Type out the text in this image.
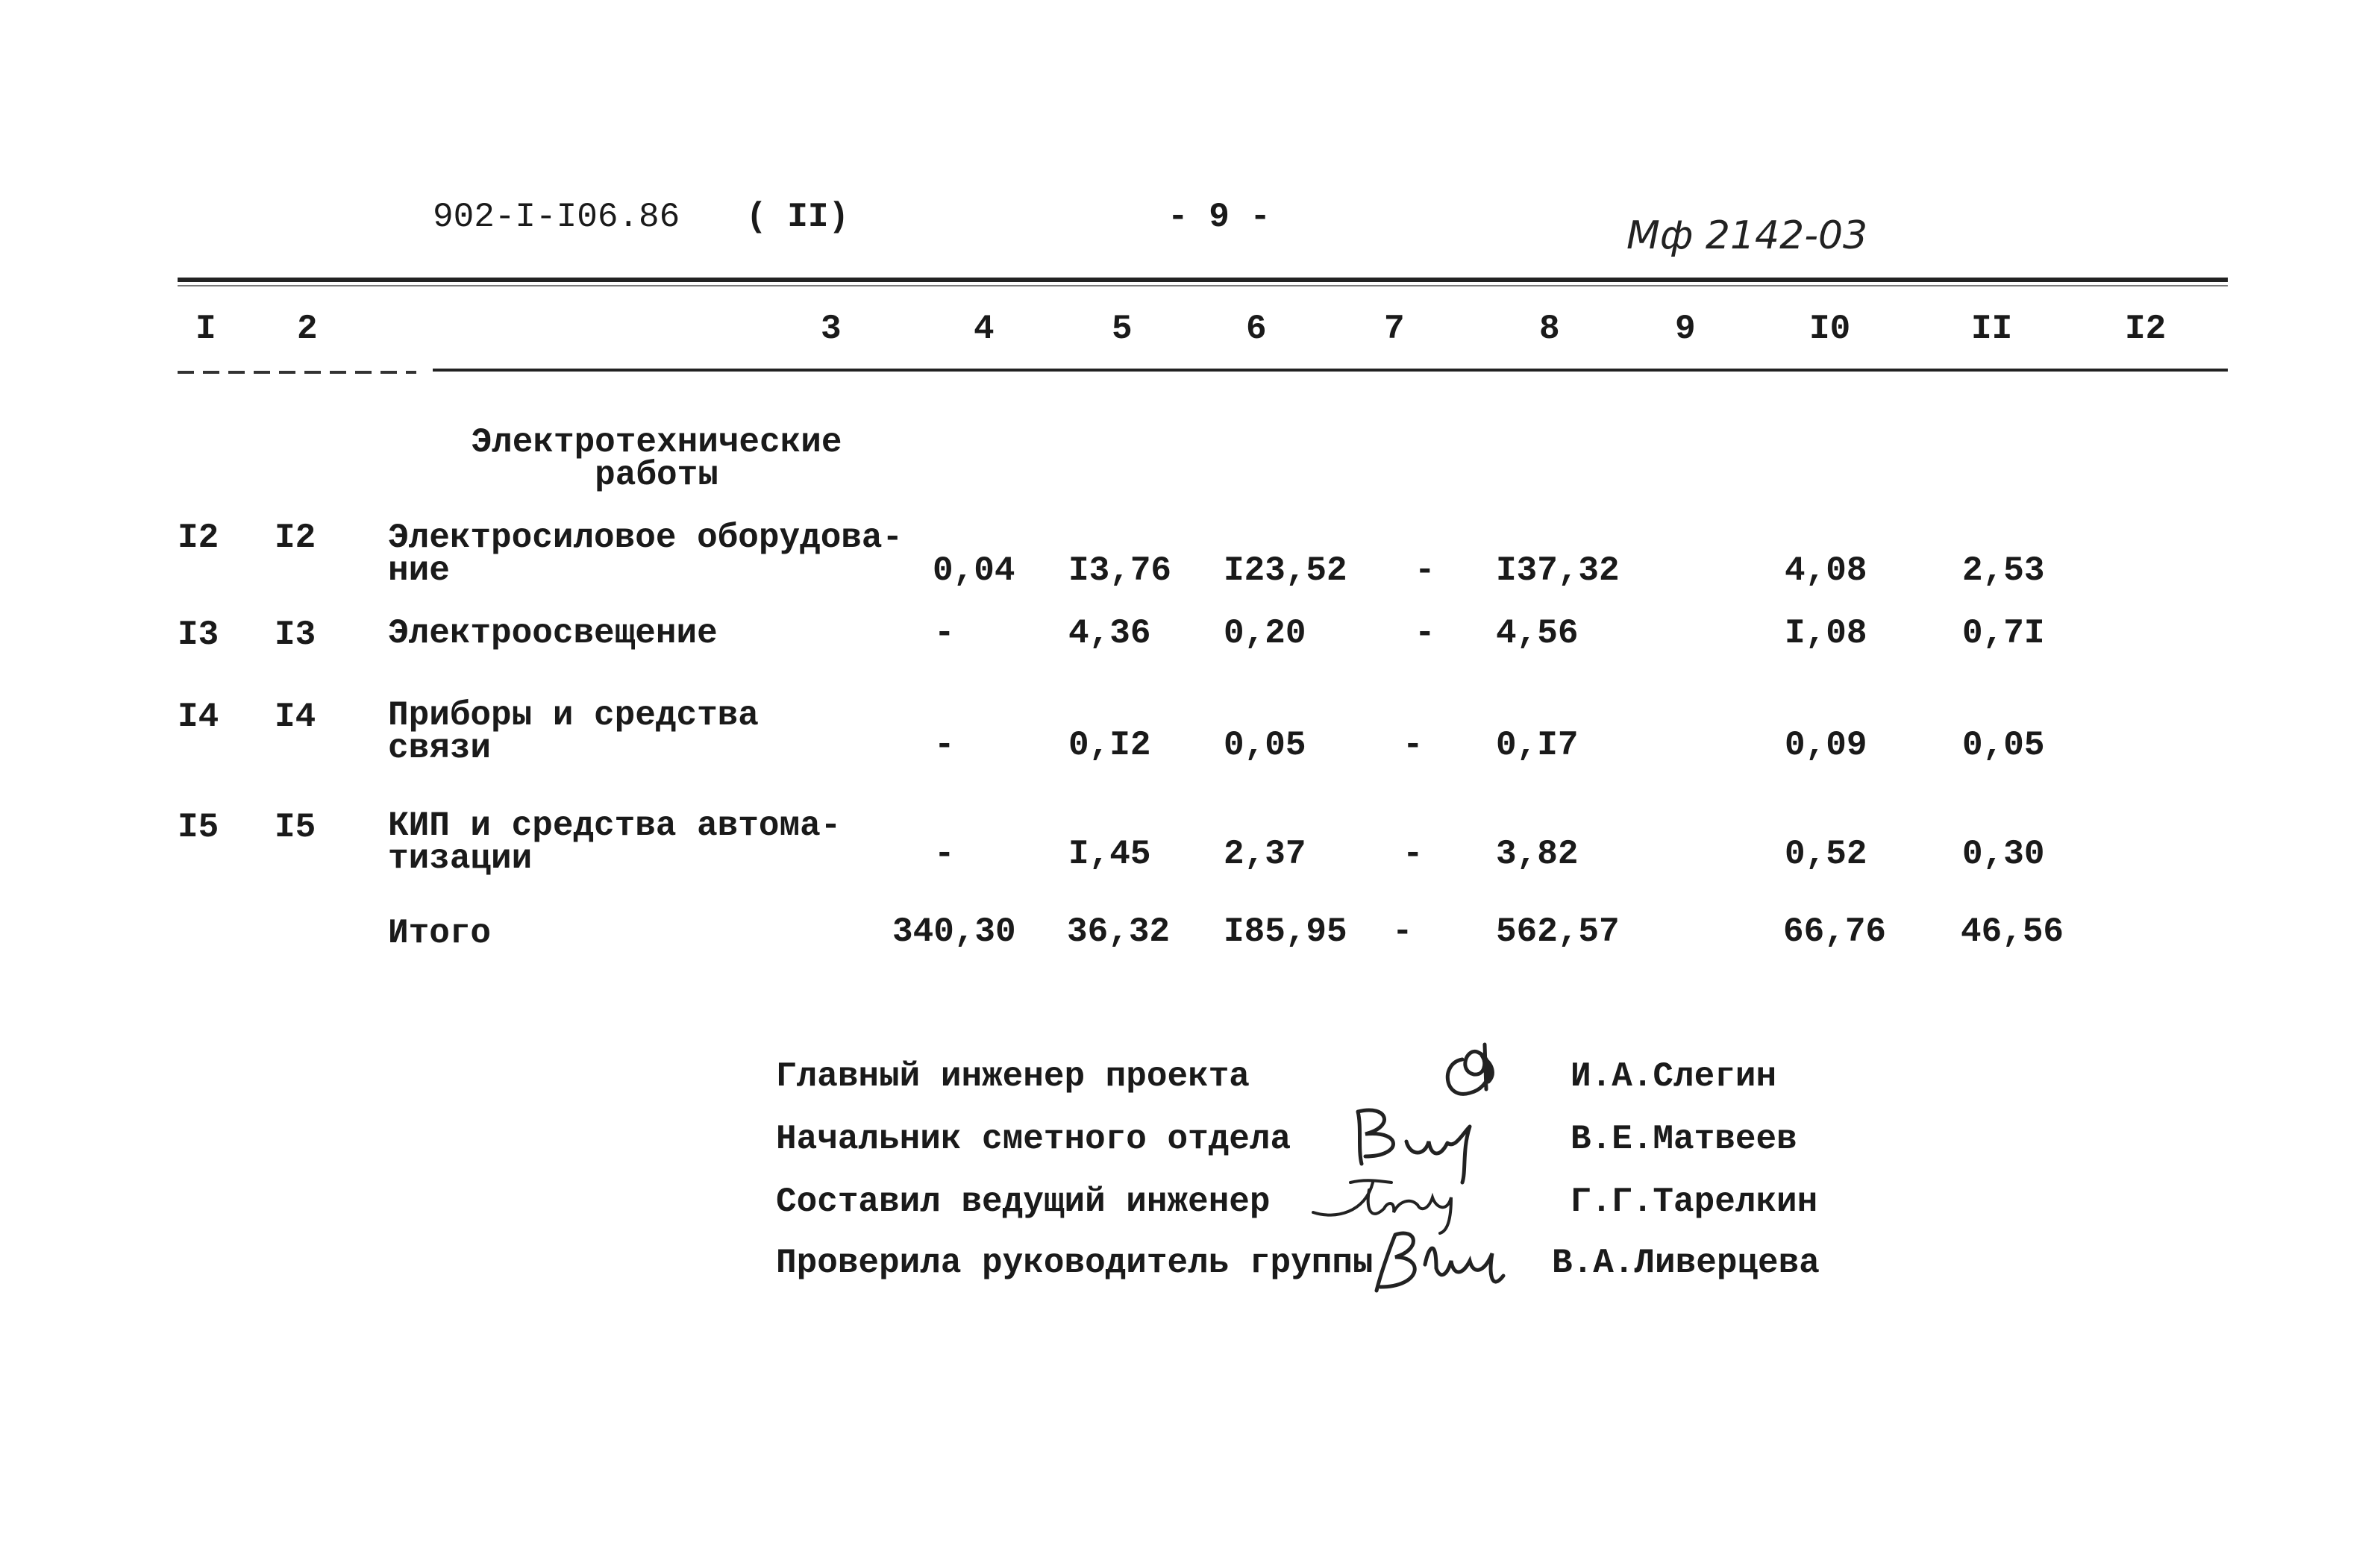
902-I-I06.86 ( II)	- 9 -	Мф 2142-03
I 2	3	4	5	6	7	8	9	I0	II	I2
Электротехнические
работы
I2 I2 Электросиловое оборудова-
ние	0,04 I3,76 I23,52 - I37,32	4,08	2,53
I3 I3 Электроосвещение	-	4,36 0,20	- 4,56	I,08	0,7I
I4 I4 Приборы и средства
связи	-	0,I2 0,05	- 0,I7	0,09	0,05
I5 I5 КИП и средства автома-
тизации	-	I,45 2,37	- 3,82	0,52	0,30
Итого	340,30 36,32 I85,95 - 562,57	66,76 46,56
Главный инженер проекта
Начальник сметного отдела
Составил ведущий инженер
Проверила руководитель группы
И.А.Слегин
В.Е.Матвеев
Г.Г.Тарелкин
В.А.Ливерцева
